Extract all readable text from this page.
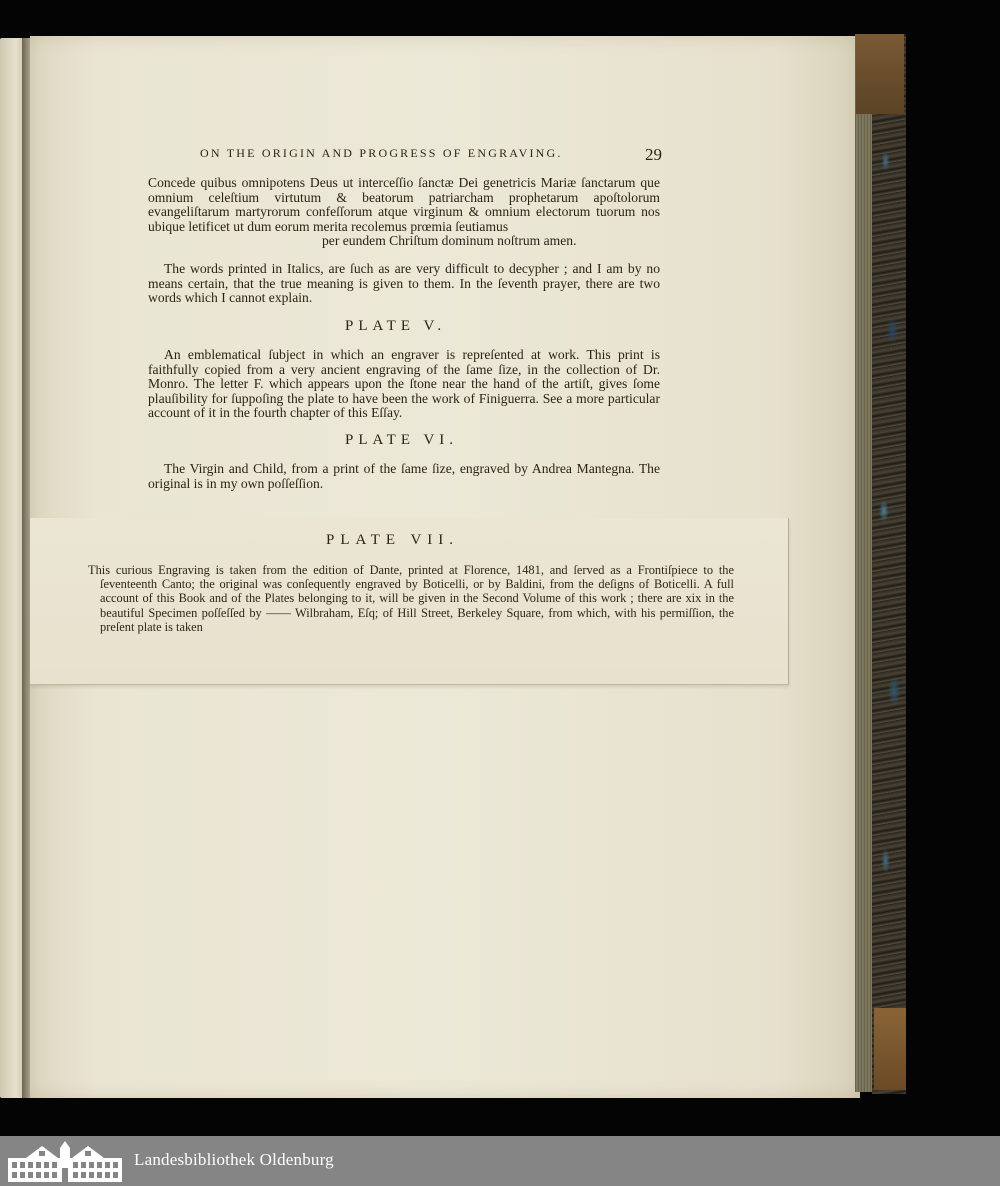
ON THE ORIGIN AND PROGRESS OF ENGRAVING.	29
Concede quibus omnipotens Deus ut interceſſio ſanctæ Dei genetricis Mariæ ſanctarum que omnium celeſtium virtutum & beatorum patriarcham prophetarum apoſtolorum evangeliſtarum martyrorum confeſſorum atque virginum & omnium electorum tuorum nos ubique letificet ut dum eorum merita recolemus prœmia ſeutiamus
per eundem Chriſtum dominum noſtrum amen.
The words printed in Italics, are ſuch as are very difficult to decypher ; and I am by no means certain, that the true meaning is given to them. In the ſeventh prayer, there are two words which I cannot explain.
PLATE V.
An emblematical ſubject in which an engraver is repreſented at work. This print is faithfully copied from a very ancient engraving of the ſame ſize, in the collection of Dr. Monro. The letter F. which appears upon the ſtone near the hand of the artiſt, gives ſome plauſibility for ſuppoſing the plate to have been the work of Finiguerra. See a more particular account of it in the fourth chapter of this Eſſay.
PLATE VI.
The Virgin and Child, from a print of the ſame ſize, engraved by Andrea Mantegna. The original is in my own poſſeſſion.
PLATE VII.
This curious Engraving is taken from the edition of Dante, printed at Florence, 1481, and ſerved as a Frontiſpiece to the ſeventeenth Canto; the original was conſequently engraved by Boticelli, or by Baldini, from the deſigns of Boticelli. A full account of this Book and of the Plates belonging to it, will be given in the Second Volume of this work ; there are xix in the beautiful Specimen poſſeſſed by —— Wilbraham, Eſq; of Hill Street, Berkeley Square, from which, with his permiſſion, the preſent plate is taken
Landesbibliothek Oldenburg
